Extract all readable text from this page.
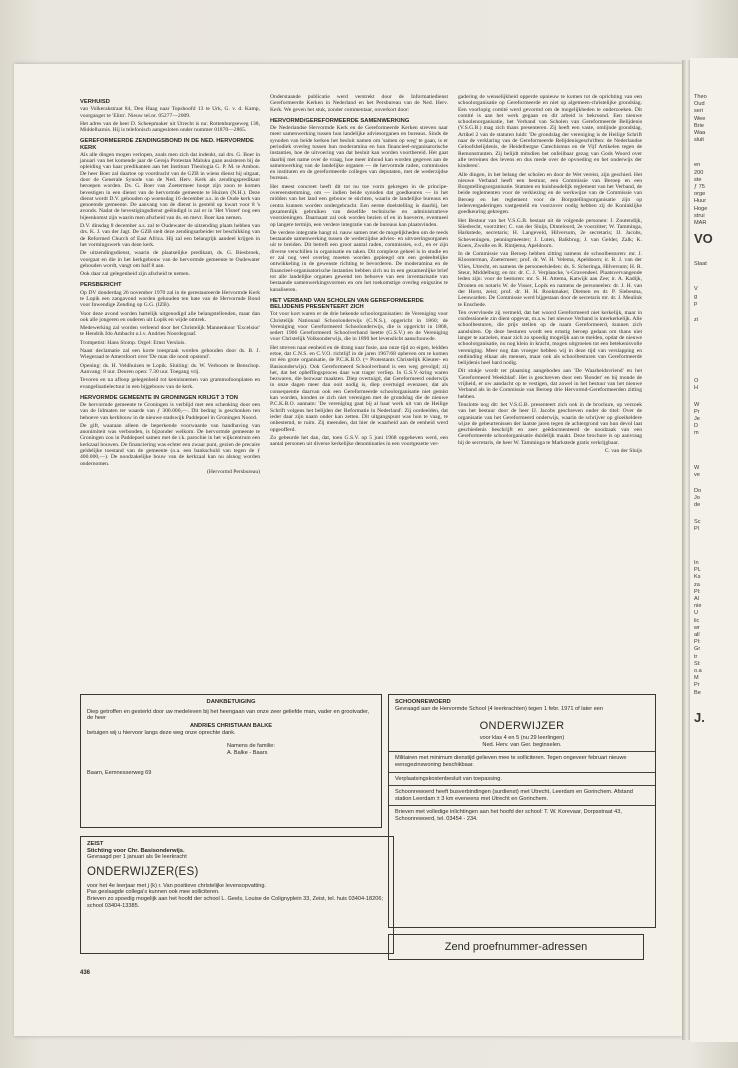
VERHUISD

van Volkerakstraat 84, Den Haag naar Topshoofd 13 te Urk, G. v. d. Kamp, voorganger te 'Elim'. Nieuw tel.nr. 05277—2009.

Het adres van de heer D. Scheepmaker uit Utrecht is nu: Rottenburgseweg 138, Middelharnis. Hij is telefonisch aangesloten onder nummer 01870—2865.

GEREFORMEERDE ZENDINGSBOND IN DE NED. HERVORMDE KERK

Als alle dingen mogen verlopen, zoals men zich dat indenkt, zal drs. G. Boer in januari van het komende jaar de Gereja Protestan Maluku gaan assisteren bij de opleiding van haar predikanten aan het Instituut Theologia G. P. M. te Ambon. De heer Boer zal daartoe op voordracht van de GZB in wiens dienst hij uitgaat, door de Generale Synode van de Ned. Herv. Kerk als zendingspredikant beroepen worden. Ds. G. Boer van Zoetermeer hoopt zijn zoon te komen bevestigen in een dienst van de hervormde gemeente te Huizen (N.H.). Deze dienst wordt D.V. gehouden op woensdag 16 december a.s. in de Oude kerk van genoemde gemeente. De aanvang van de dienst is gesteld op kwart voor 8 's avonds. Nadat de bevestigingsdienst geëindigd is zal er in 'Het Visnet' nog een bijeenkomst zijn waarin men afscheid van ds. en mevr. Boer kan nemen.

D.V. dinsdag 8 december a.s. zal te Oudewater de uitzending plaats hebben van drs. K. J. van der Jagt. De GZB stelt deze zendingsarbeider ter beschikking van de Reformed Church of East Africa. Hij zal een belangrijk aandeel krijgen in het vormingswerk van deze kerk.

De uitzendingsdienst, waarin de plaatselijke predikant, ds. G. Biesbroek, voorgaat en die in het kerkgebouw van de hervormde gemeente te Oudewater gehouden wordt, vangt om half 8 aan.

Ook daar zal gelegenheid zijn afscheid te nemen.

PERSBERICHT

Op DV donderdag 26 november 1970 zal in de gerestaureerde Hervormde Kerk te Lopik een zangavond worden gehouden ten bate van de Hervormde Bond voor Inwendige Zending op G.G. (IZB).

Voor deze avond worden hartelijk uitgenodigd alle belangstellenden, maar dan ook alle jongeren en ouderen uit Lopik en wijde omtrek.

Medewerking zal worden verleend door het Christelijk Mannenkoor 'Excelsior' te Hendrik Ido Ambacht o.l.v. Andries Noordegraaf.

Trompetist: Hans Slomp. Orgel: Ernst Versluis.

Naast declamatie zal een korte toespraak worden gehouden door ds. B. J. Wiegeraad te Amersfoort over 'De man die nooit opstond'.

Opening: ds. H. Veldhuizen te Lopik. Sluiting: ds. W. Verboom te Benschop. Aanvang: 8 uur. Deuren open: 7.30 uur. Toegang vrij.

Tevoren en na afloop gelegenheid tot kennisnemen van grammofoonplaten en evangelisatielectuur in een bijgebouw van de kerk.

HERVORMDE GEMEENTE IN GRONINGEN KRIJGT 3 TON

De hervormde gemeente te Groningen is verblijd met een schenking door een van de lidmaten ter waarde van ƒ 300.000,—. Dit bedrag is geschonken ten behoeve van kerkbouw in de nieuwe stadswijk Paddepoel in Groningen Noord.

De gift, waaraan alleen de beperkende voorwaarde van handhaving van anonimiteit was verbonden, is bijzonder welkom. De hervormde gemeente te Groningen zou in Paddepoel samen met de r.k. parochie in het wijkcentrum een kerkzaal bouwen. De financiering was echter een zwaar punt, gezien de precaire geldelijke toestand van de gemeente (o.a. een bankschuld van tegen de ƒ 400.000,—). De noodzakelijke bouw van de kerkzaal kan nu alsnog worden ondernomen.

(Hervormd Persbureau)

Onderstaande publicatie werd verstrekt door de Informatiedienst Gereformeerde Kerken in Nederland en het Persbureau van de Ned. Herv. Kerk. We geven het stuk, zonder commentaar, onverkort door:

HERVORMD/GEREFORMEERDE SAMENWERKING

De Nederlandse Hervormde Kerk en de Gereformeerde Kerken streven naar meer samenwerking tussen hun landelijke adviesorganen en bureaus. Sinds de synoden van beide kerken het besluit namen om 'samen op weg' te gaan, is er periodiek overleg tussen hun moderamina en hun financieel-organisatorische instanties, hoe de uitvoering van dat besluit kan worden voortbereid. Het gaat daarbij met name over de vraag, hoe meer inhoud kan worden gegeven aan de samenwerking van de landelijke organen — de hervormde raden, commissies en instituten en de gereformeerde colleges van deputaten, met de wederzijdse bureaus.

Het meest concreet heeft dit tot nu toe vorm gekregen in de principe-overeenstemming, om — indien beide synoden dat goedkeuren — in het midden van het land een gebouw te stichten, waarin de landelijke bureaus en centra kunnen worden ondergebracht. Een eerste doelstelling is daarbij, het gezamenlijk gebruiken van dezelfde technische en administratieve voorzieningen. Daarnaast zal ook worden bezien of en in hoeverre, eventueel op langere termijn, een verdere integratie van de bureaus kan plaatsvinden.

De verdere integratie hangt nl. nauw samen met de mogelijkheden om de reeds bestaande samenwerking tussen de wederzijdse advies- en uitvoeringsorganen uit te breiden. Dit betreft een groot aantal raden, commissies, e.d., en er zijn diverse verschillen in organisatie en taken. Dit complexe geheel is in studie en er zal nog veel overleg moeten worden gepleegd om een gedeeltelijke ontwikkeling in de gewenste richting te bevorderen. De moderamina en de financieel-organisatorische instanties hebben zich nu in een gezamenlijke brief tot alle landelijke organen gewend ten behoeve van een inventarisatie van bestaande samenwerkingsvormen en om het toekomstige overleg enigszins te kanaliseren.

HET VERBAND VAN SCHOLEN VAN GEREFORMEERDE BELIJDENIS PRESENTEERT ZICH

Tot voor kort waren er de drie bekende schoolorganisaties: de Vereniging voor Christelijk Nationaal Schoolonderwijs (C.N.S.), opgericht in 1860; de Vereniging voor Gereformeerd Schoolonderwijs, die is opgericht in 1868, sedert 1906 Gereformeerd Schoolverband heette (G.S.V.) en de Vereniging voor Christelijk Volksonderwijs, die in 1890 het levenslicht aanschouwde.

Het streven naar eenheid en de drang naar fusie, aan onze tijd zo eigen, leidden ertoe, dat C.N.S. en C.V.O. richtlijf in de jaren 1967/68 opheven om te komen tot één grote organisatie, de P.C.K.B.O. (= Protestants Christelijk Kleuter- en Basisonderwijs). Ook Gereformeerd Schoolverband is een weg gevolgd; zij het, dat het opheffingsproces daar wat trager verliep. In G.S.V.-kring waren bezwaren, die bezwaar maakten. Diep overtuigd, dat Gereformeerd onderwijs in onze dagen meer dan ooit nodig is, diep overtuigd evenzeer, dat als consequentie daarvan ook een Gereformeerde schoolorganisatie niet gemist kan worden, konden ze zich niet verenigen met de grondslag die de nieuwe P.C.K.B.O. aannam: 'De vereniging gaat bij al haar werk uit van de Heilige Schrift volgens het belijden der Reformatie in Nederland'. Zij oordeelden, dat ieder daar zijn naam onder kan zetten. Dit uitgangspunt was hun te vaag, te onbestemd, te ruim. Zij meenden, dat hier de waarheid aan de eenheid werd opgeofferd.

Zo gebeurde het dan, dat, toen G.S.V. op 5 juni 1968 opgeheven werd, een aantal personen uit diverse kerkelijke denominaties in een voortgezette ver-

gadering de wenselijkheid opperde opnieuw te komen tot de oprichting van een schoolorganisatie op Gereformeerde en niet op algemeen-christelijke grondslag. Een voorlopig comité werd gevormd om de mogelijkheden te onderzoeken. Dit comité is aan het werk gegaan en dit arbeid is bekroond. Een nieuwe schoolenorganisatie, het Verband van Scholen van Gereformeerde Belijdenis (V.S.G.B.) mag zich thans presenteren. Zij heeft een vaste, omlijnde grondslag. Artikel 2 van de statuten luidt: 'De grondslag der vereniging is de Heilige Schrift naar de verklaring van de Gereformeerde Belijdenisgeschriften: de Nederlandse Geloofsbelijdenis, de Heidelbergse Catechismus en de Vijf Artikelen tegen de Remonstranten. Zij belijdt mitsdien het onfeilbaar gezag van Gods Woord over alle terreinen des levens en dus mede over de opvoeding en het onderwijs der kinderen'.

Alle dingen, in het belang der scholen en door de Wet vereist, zijn geschied. Het nieuwe Verband heeft een bestuur, een Commissie van Beroep en een Borgstellingsorganisatie. Statuten en huishoudelijk reglement van het Verband, de beide reglementen voor de verkiezing en de werkwijze van de Commissie van Beroep en het reglement voor de Borgstellingsorganisatie zijn op ledenvergaderingen vastgesteld en voorzover nodig hebben zij de Koninklijke goedkeuring gekregen.

Het Bestuur van het V.S.G.B. bestaat uit de volgende personen: J. Zoutendijk, Sliedrecht, voorzitter; C. van der Sluijs, Dinteloord, 2e voorzitter; W. Tamminga, Harkstede, secretaris; H. Langeveld, Hilversum, 2e secretaris; IJ. Jacobs, Scheveningen, penningmeester; J. Luten, Balkbrug; J. van Gelder, Zalk; K. Koers, Zwolle en R. Rintjema, Apeldoorn.

In de Commissie van Beroep hebben zitting namens de schoolbesturen: mr. J. Kloosterman, Zoetermeer; prof. dr. W. H. Velema, Apeldoorn; ir. B. J. van der Vlies, Utrecht, en namens de personeelsleden: ds. S. Scheringa, Hilversum; H. R. Steur, Middelburg; en mr. dr. C. J. Verplancke, 's-Gravendeel. Plaatsvervangende leden zijn: voor de besturen: mr. S. H. Attema, Katwijk aan Zee; ir. A. Kadijk, Dronten en notaris W. de Visser, Lopik en namens de personeelen: dr. J. H. van der Horst, zeist; prof. dr. H. H. Rookmaker, Diemen en dr. P. Siebesma, Leeuwarden. De Commissie werd bijgestaan door de secretaris mr. dr. J. Meulink te Enschede.

Ten overvloede zij vermeld, dat het woord Gereformeerd niet kerkelijk, maar in confessionele zin dient opgevat, m.a.w. het nieuwe Verband is interkerkelijk. Alle schoolbesturen, die prijs stellen op de naam Gereformeerd, kunnen zich aansluiten. Op deze besturen wordt een ernstig beroep gedaan om thans niet langer te aarzelen, maar zich zo spoedig mogelijk aan te melden, opdat de nieuwe schoolorganisatie, nu nog klein in kracht, mogen uitgroeien tot een betekenisvolle vereniging. Meer nog dan vroeger hebben wij in deze tijd van verslapping en ontbinding elkaar als mensen, maar ook als schoolbesturen van Gereformeerde belijdenis heel hard nodig.

Dit stukje wordt ter plaatsing aangeboden aan 'De Waarheidsvriend' en het 'Gereformeerd Weekblad'. Het is geschreven door een 'Bonder' en bij monde de vrijheid, er uw aandacht op te vestigen, dat zowel in het bestuur van het nieuwe Verband als in de Commissie van Beroep drie Hervormd-Gereformeerden zitting hebben.

Tenslotte nog dit: het V.S.G.B. presenteert zich ook in de brochure, op verzoek van het bestuur door de heer IJ. Jacobs geschreven onder de titel: Over de organisatie van het Gereformeerd onderwijs, waarin de schrijver op gloeiheldere wijze de gebeurtenissen der laatste jaren tegen de achtergrond van hun devol laat geschiedenis beschrijft en zeer geëdocmenteerd de noodzaak van een Gereformeerde schoolorganisatie duidelijk maakt. Deze brochure is op aanvraag bij de secretaris, de heer W. Tamminga te Markstede gratis verkrijgbaar.

C. van der Sluijs

DANKBETUIGING
Diep getroffen en gesterkt door uw medeleven bij het heengaan van onze zeer geliefde man, vader en grootvader, de heer
ANDRIES CHRISTIAAN BALKE
betuigen wij u hiervoor langs deze weg onze oprechte dank.
Namens de familie:
A. Balke - Baars
Baarn, Eemnesserweg 69
ZEIST
Stichting voor Chr. Basisonderwijs.
Gevraagd per 1 januari als 9e leerkracht
ONDERWIJZER(ES)
voor het 4e leerjaar met j (k) r. Van positieve christelijke levensopvatting.
Pas geslaagde collega's kunnen ook mee solliciteren.
Brieven zo spoedig mogelijk aan het hoofd der school L. Geels, Louise de Colignyplein 33, Zeist, tel. huis 03404-18206; school 03404-13385.
SCHOONREWOERD
Gevraagd aan de Hervormde School (4 leerkrachten) tegen 1 febr. 1971 of later een
ONDERWIJZER
voor klas 4 en 5 (nu 29 leerlingen)
Ned. Herv. van Ger. beginselen.
Militairen met minimum dienstijd gelieven mee te solliciteren. Tegen ongeveer februari nieuwe eensgezinswoning beschikbaar.
Verplaatsingskostenbesluit van toepassing.
Schoonrewoerd heeft busverbindingen (surdienst) met Utrecht, Leerdam en Gorinchem. Afstand station Leerdam ± 3 km eveneens met Utrecht en Gorinchem.
Brieven met volledige inlichtingen aan het hoofd der school: T. W. Korevaar, Dorpsstraat 43, Schoonrewoerd, tel. 03454 - 234.
Zend proefnummer-adressen
436
Theo
Oud
seri
Wee
Brie
Waa
sluit
en
200
ste
ƒ 75
orge
Huur
Hoge
strui
MAR
VO
Slaat
V
g
p
zi
O
H
W
Pr
Je
D
m
W
ve
Do
Jo
de
Sc
Pl
In
PL
Ks
za
Pl:
Al
nie
U
lic
wr
all
Pl:
Gr
tr
Sl:
o.a
M
Pr
Be
J.
